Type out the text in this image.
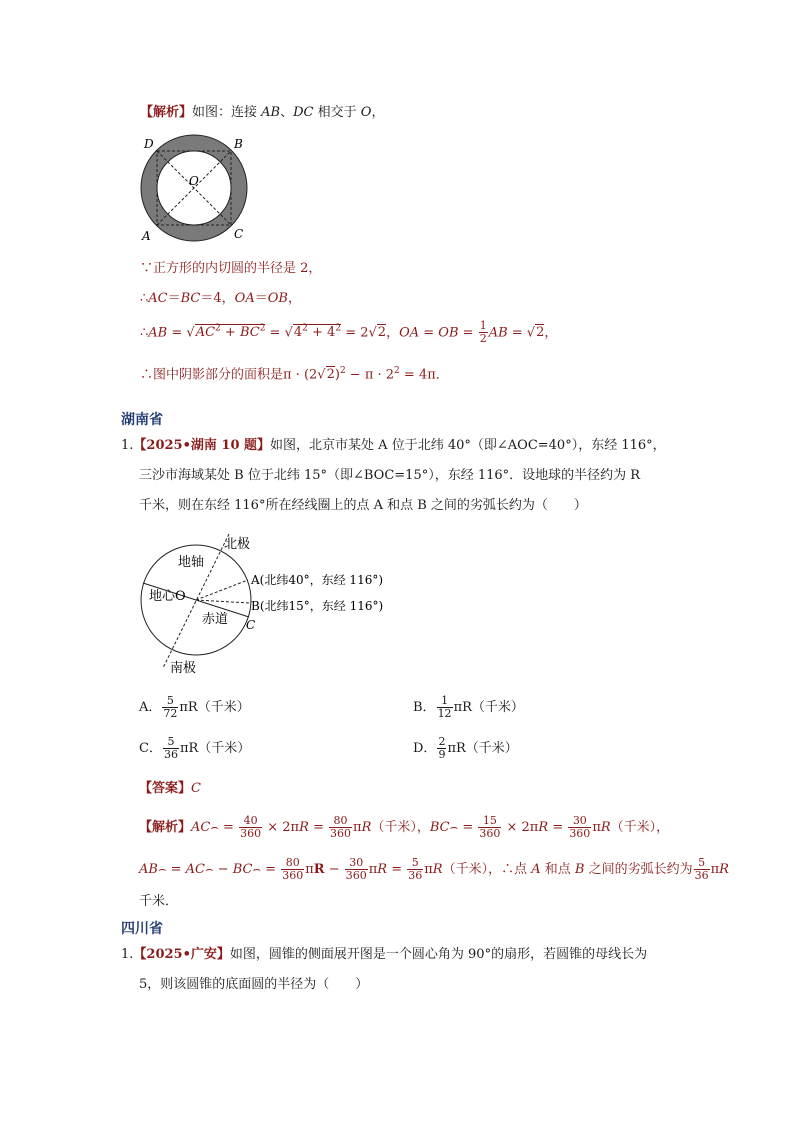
【解析】如图：连接 AB、DC 相交于 O，
D	B
O
A	C
∵正方形的内切圆的半径是 2，
∴AC＝BC＝4，OA＝OB，
∴AB = $√AC^2 + BC^2 = √4^2 + 4^2 = 2√2$，OA = OB = $\frac{1}{2}$ AB = √2，
∴图中阴影部分的面积是$\pi \cdot (2√2)^2 - \pi \cdot 2^2 = 4\pi$．
湖南省
1.【2025•湖南 10 题】如图，北京市某处 A 位于北纬 40°（即∠AOC=40°），东经 116°，
三沙市海域某处 B 位于北纬 15°（即∠BOC=15°），东经 116°．设地球的半径约为 R
千米，则在东经 116°所在经线圈上的点 A 和点 B 之间的劣弧长约为（　　）
北极
地轴
地心O
赤道
南极
A(北纬40°，东经 116°)
B(北纬15°，东经 116°)
C
A． $\frac{5}{72} \pi R$（千米）	B． $\frac{1}{12} \pi R$（千米）
C． $\frac{5}{36} \pi R$（千米）	D． $\frac{2}{9} \pi R$（千米）
【答案】C
【解析】AC⌢ = $\frac{40}{360} \times 2\pi R = \frac{80}{360} \pi R$（千米），BC⌢ = $\frac{15}{360} \times 2\pi R = \frac{30}{360} \pi R$（千米），
AB⌢ = AC⌢ − BC⌢ = $\frac{80}{360}$ $\pi R - \frac{30}{360}$ $\pi R = \frac{5}{36} \pi R$（千米），∴点 A 和点 B 之间的劣弧长约为 $\frac{5}{36}$ πR
千米．
四川省
1.【2025•广安】如图，圆锥的侧面展开图是一个圆心角为 90°的扇形，若圆锥的母线长为
5，则该圆锥的底面圆的半径为（　　）
